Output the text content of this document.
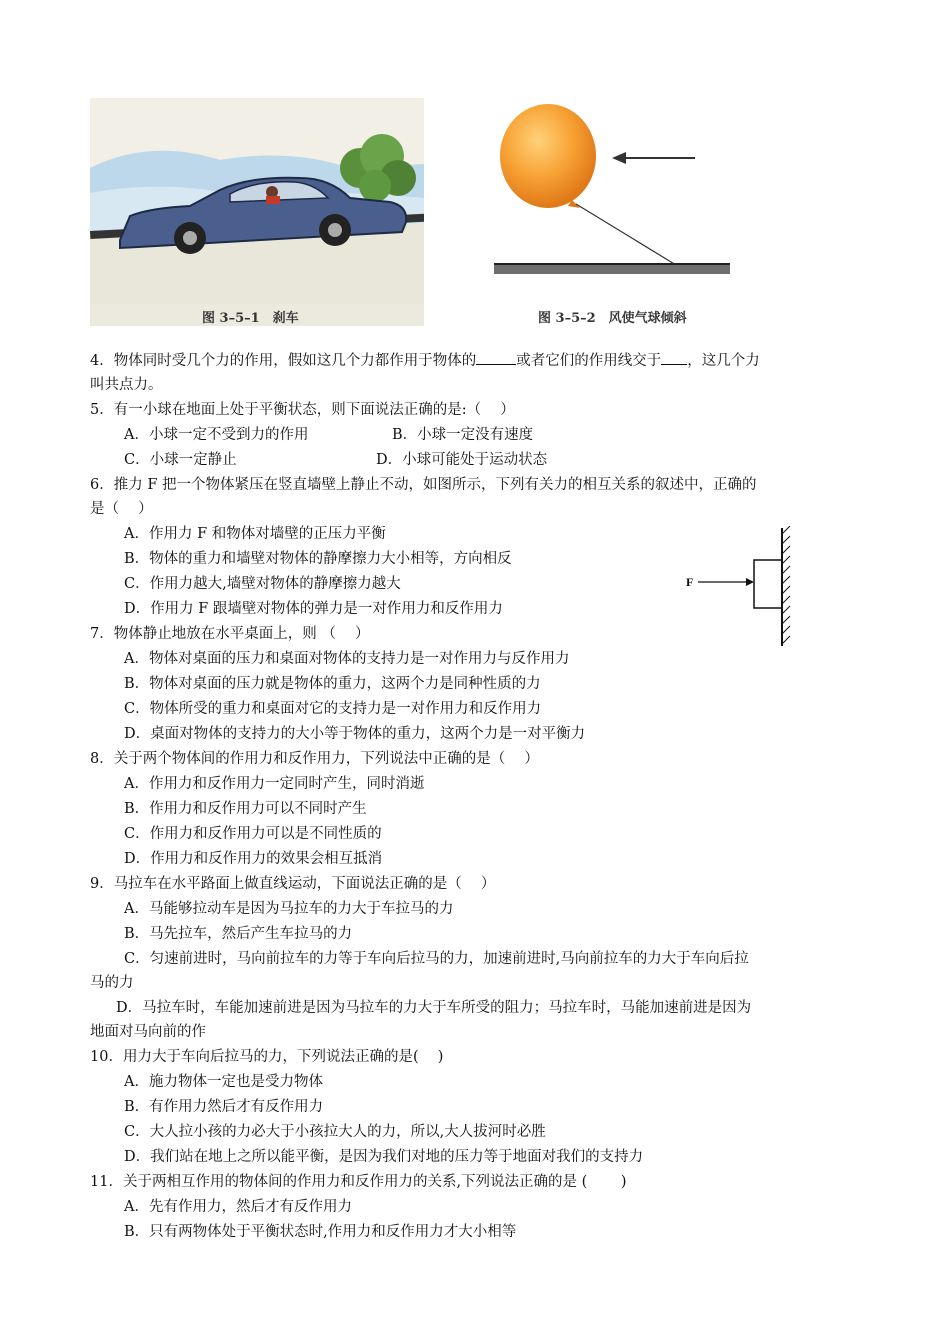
图 3–5–1　刹车	图 3–5–2　风使气球倾斜
4．物体同时受几个力的作用，假如这几个力都作用于物体的	或者它们的作用线交于 ，这几个力
叫共点力。
5．有一小球在地面上处于平衡状态，则下面说法正确的是:（　 ）
A．小球一定不受到力的作用	B．小球一定没有速度
C．小球一定静止	D．小球可能处于运动状态
6．推力 F 把一个物体紧压在竖直墙壁上静止不动，如图所示，下列有关力的相互关系的叙述中，正确的
是（　 ）
A．作用力 F 和物体对墙壁的正压力平衡
B．物体的重力和墙壁对物体的静摩擦力大小相等，方向相反
C．作用力越大,墙壁对物体的静摩擦力越大
D．作用力 F 跟墙壁对物体的弹力是一对作用力和反作用力
F
7．物体静止地放在水平桌面上，则 （　 ）
A．物体对桌面的压力和桌面对物体的支持力是一对作用力与反作用力
B．物体对桌面的压力就是物体的重力，这两个力是同种性质的力
C．物体所受的重力和桌面对它的支持力是一对作用力和反作用力
D．桌面对物体的支持力的大小等于物体的重力，这两个力是一对平衡力
8．关于两个物体间的作用力和反作用力，下列说法中正确的是（　 ）
A．作用力和反作用力一定同时产生，同时消逝
B．作用力和反作用力可以不同时产生
C．作用力和反作用力可以是不同性质的
D．作用力和反作用力的效果会相互抵消
9．马拉车在水平路面上做直线运动，下面说法正确的是（　 ）
A．马能够拉动车是因为马拉车的力大于车拉马的力
B．马先拉车，然后产生车拉马的力
C．匀速前进时，马向前拉车的力等于车向后拉马的力，加速前进时,马向前拉车的力大于车向后拉
马的力
D．马拉车时，车能加速前进是因为马拉车的力大于车所受的阻力；马拉车时，马能加速前进是因为
地面对马向前的作
10．用力大于车向后拉马的力，下列说法正确的是(　 )
A．施力物体一定也是受力物体
B．有作用力然后才有反作用力
C．大人拉小孩的力必大于小孩拉大人的力，所以,大人拔河时必胜
D．我们站在地上之所以能平衡，是因为我们对地的压力等于地面对我们的支持力
11．关于两相互作用的物体间的作用力和反作用力的关系,下列说法正确的是 (　　 )
A．先有作用力，然后才有反作用力
B．只有两物体处于平衡状态时,作用力和反作用力才大小相等
